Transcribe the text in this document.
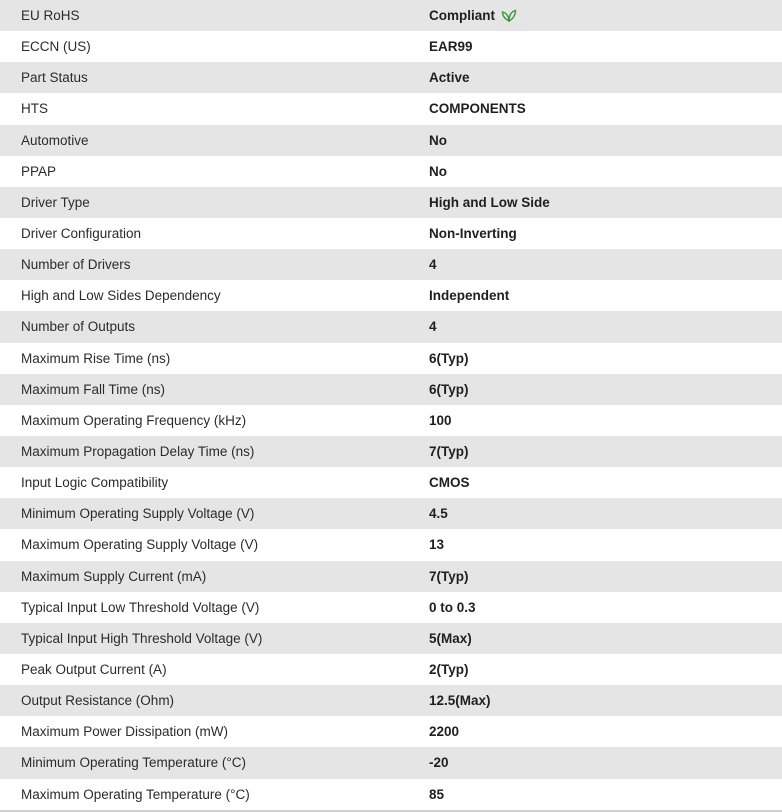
EU RoHS	Compliant
ECCN (US)	EAR99
Part Status	Active
HTS	COMPONENTS
Automotive	No
PPAP	No
Driver Type	High and Low Side
Driver Configuration	Non-Inverting
Number of Drivers	4
High and Low Sides Dependency	Independent
Number of Outputs	4
Maximum Rise Time (ns)	6(Typ)
Maximum Fall Time (ns)	6(Typ)
Maximum Operating Frequency (kHz)	100
Maximum Propagation Delay Time (ns)	7(Typ)
Input Logic Compatibility	CMOS
Minimum Operating Supply Voltage (V)	4.5
Maximum Operating Supply Voltage (V)	13
Maximum Supply Current (mA)	7(Typ)
Typical Input Low Threshold Voltage (V)	0 to 0.3
Typical Input High Threshold Voltage (V)	5(Max)
Peak Output Current (A)	2(Typ)
Output Resistance (Ohm)	12.5(Max)
Maximum Power Dissipation (mW)	2200
Minimum Operating Temperature (°C)	-20
Maximum Operating Temperature (°C)	85
